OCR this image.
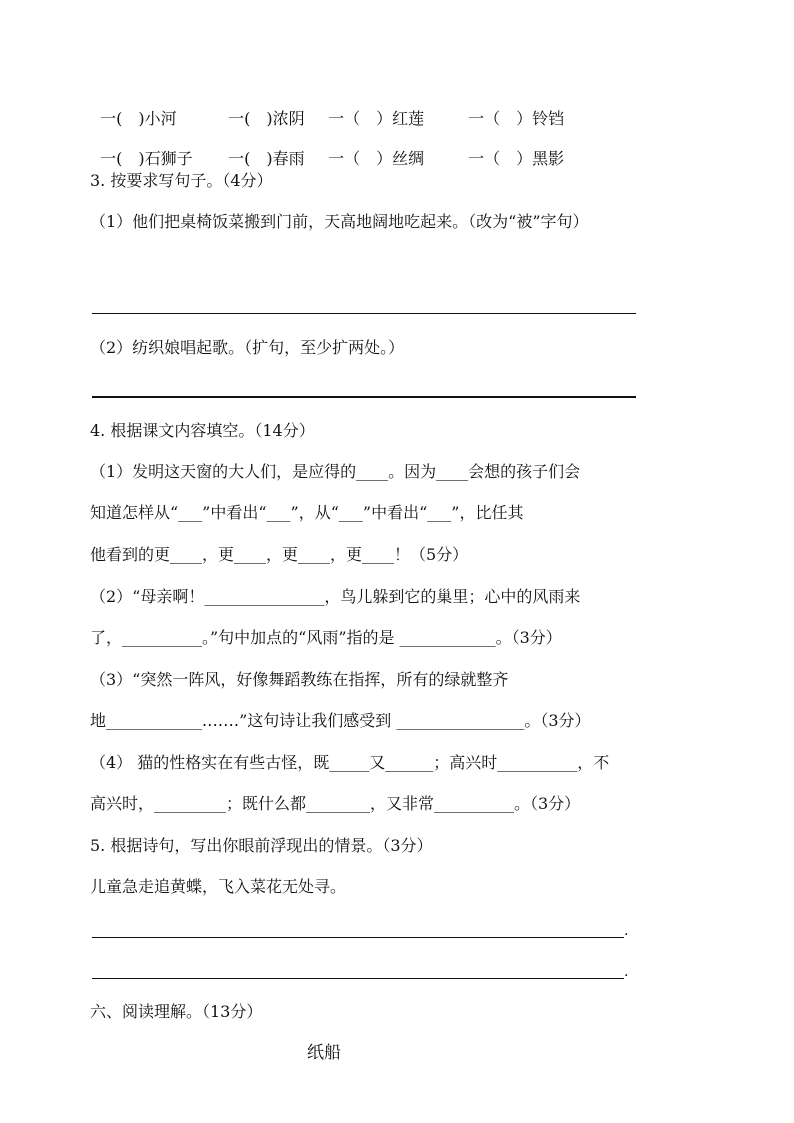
一(　)小河	一(　)浓阴 一（　）红莲	一（　）铃铛

一(　)石狮子 一(　)春雨 一（　）丝绸	一（　）黑影

3. 按要求写句子。（4分）
（1）他们把桌椅饭菜搬到门前，天高地阔地吃起来。（改为“被”字句）
（2）纺织娘唱起歌。（扩句，至少扩两处。）
4. 根据课文内容填空。（14分）
（1）发明这天窗的大人们，是应得的____。因为____会想的孩子们会
知道怎样从“___”中看出“___”，从“___”中看出“___”，比任其
他看到的更____，更____，更____，更____！（5分）
（2）“母亲啊！_______________，鸟儿躲到它的巢里；心中的风雨来
了，__________。”句中加点的“风雨”指的是 ____________。（3分）
（3）“突然一阵风，好像舞蹈教练在指挥，所有的绿就整齐
地____________.……”这句诗让我们感受到 ________________。（3分）
（4） 猫的性格实在有些古怪，既_____又______；高兴时__________，不
高兴时，_________；既什么都________，又非常__________。（3分）
5. 根据诗句，写出你眼前浮现出的情景。（3分）
儿童急走追黄蝶，飞入菜花无处寻。
.
.
六、阅读理解。（13分）
纸船
